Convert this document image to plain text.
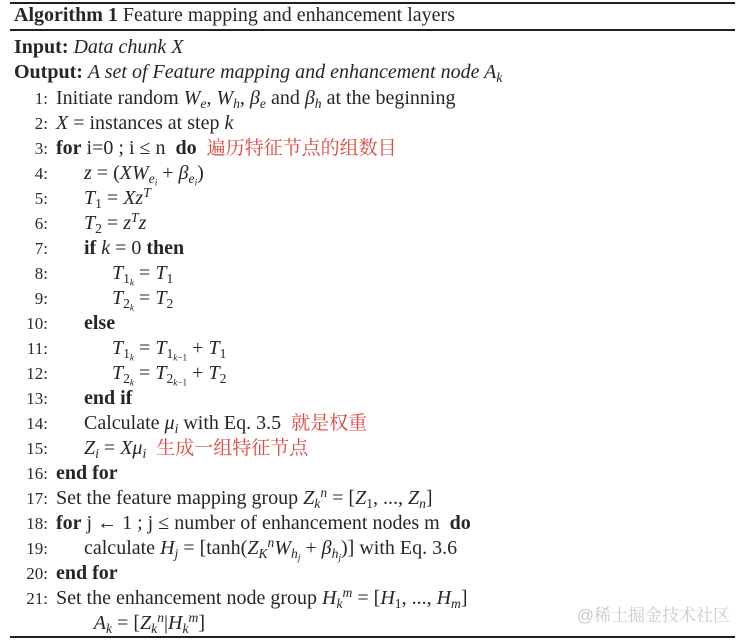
Algorithm 1 Feature mapping and enhancement layers
Input: Data chunk X
Output: A set of Feature mapping and enhancement node $A_k$
1: Initiate random $W_e$, $W_h$, $\beta_e$ and $\beta_h$ at the beginning
2: X = instances at step k
3: for i=0 ; i ≤ n  do 遍历特征节点的组数目
4: $z = (XW_{e_i} + \beta_{e_i})$
5: $T_1 = Xz^T$
6: $T_2 = z^Tz$
7: if k = 0 then
8:	$T_{1_k} = T_1$
9:	$T_{2_k} = T_2$
10: else
11:	$T_{1_k} = T_{1_{k-1}} + T_1$
12:	$T_{2_k} = T_{2_{k-1}} + T_2$
13: end if
14: Calculate $\mu_i$ with Eq. 3.5 就是权重
15: $Z_i = X\mu_i$ 生成一组特征节点
16: end for
17: Set the feature mapping group $Z_k^n = [Z_1$, ..., $Z_n$]
18: for j ← 1 ; j ≤ number of enhancement nodes m  do
19: calculate $H_j = [\tanh(Z_K^nW_{h_j} + \beta_{h_j})]$ with Eq. 3.6
20: end for
21: Set the enhancement node group $H_k^m = [H_1$, ..., $H_m$]
$A_k = [Z_k^n|H_k^m]$	@稀土掘金技术社区
